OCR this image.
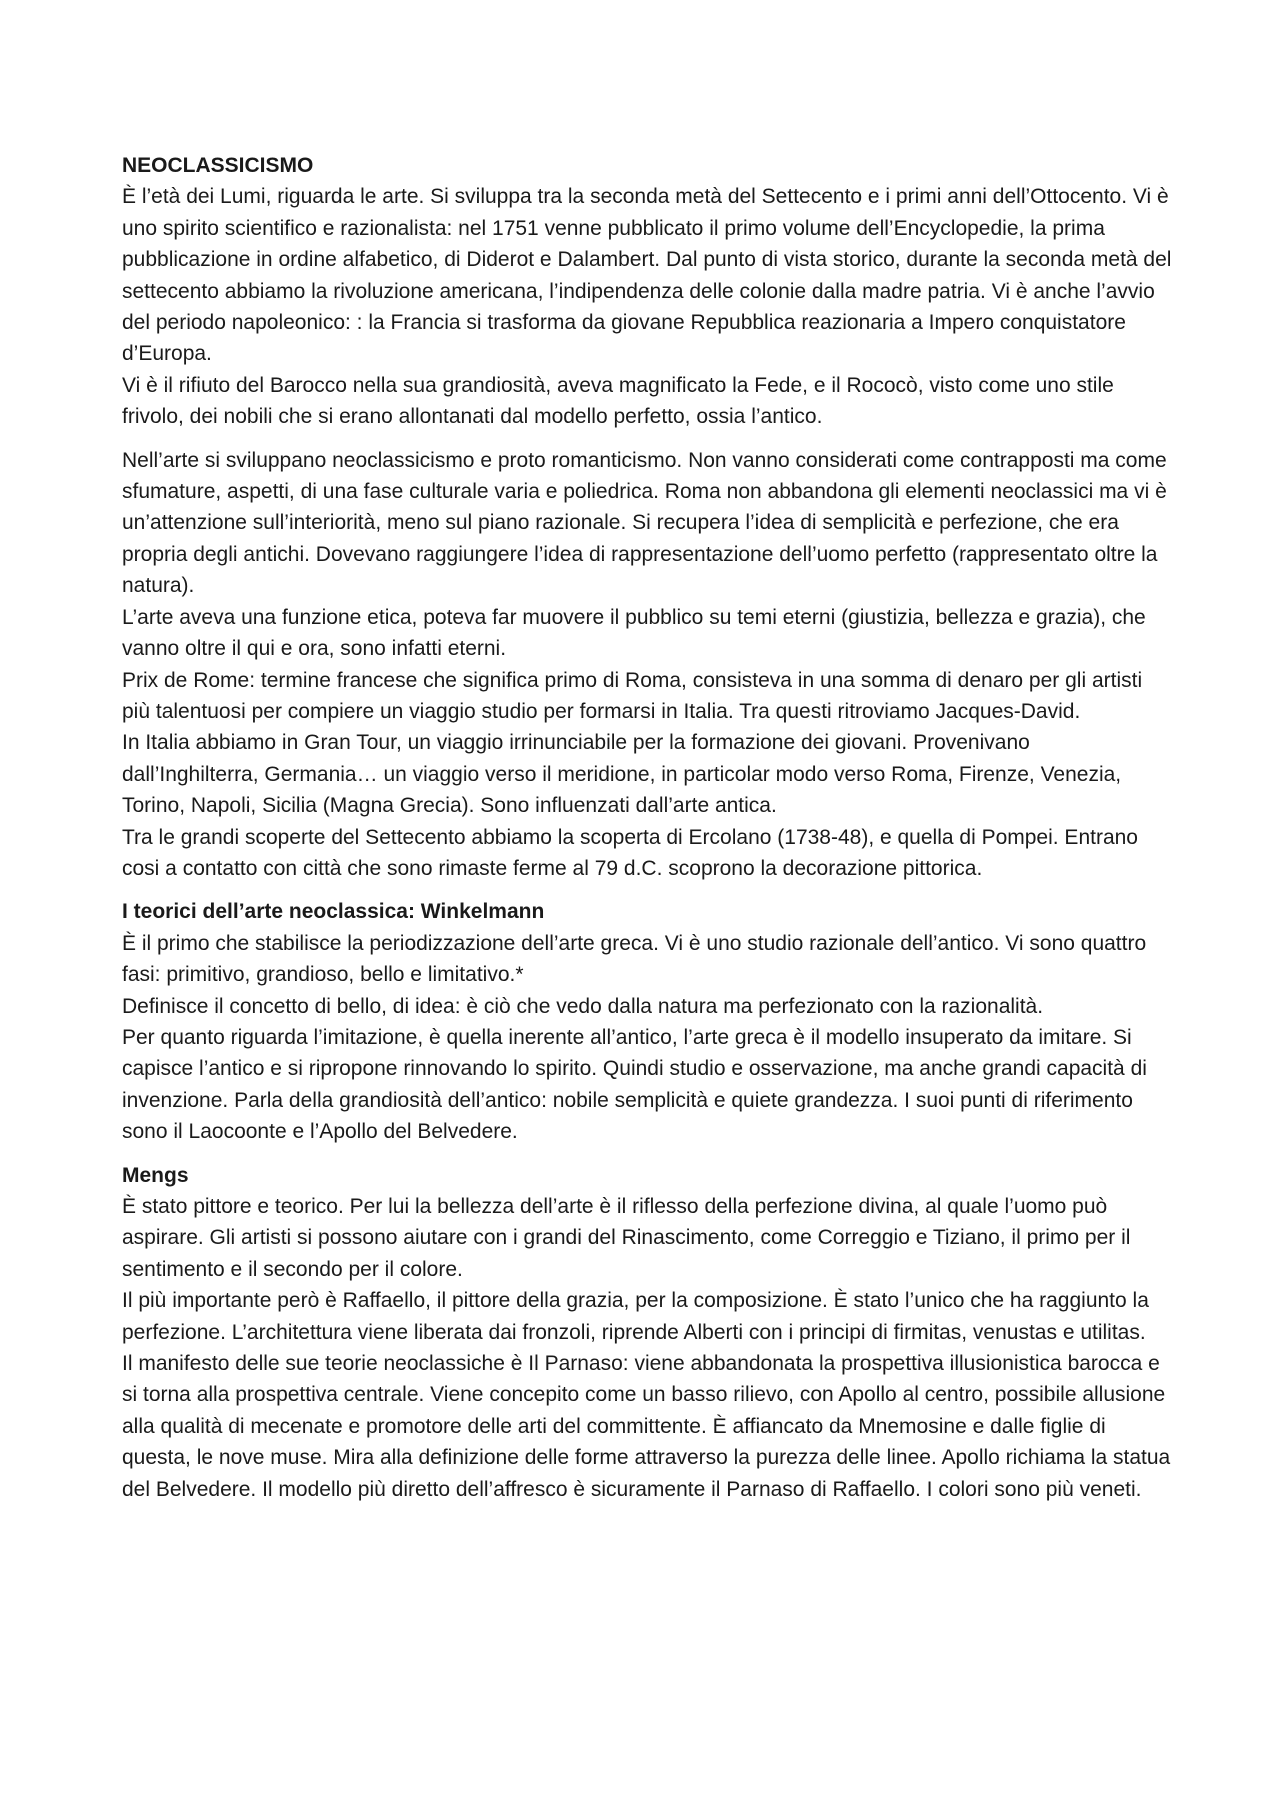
NEOCLASSICISMO

È l’età dei Lumi, riguarda le arte. Si sviluppa tra la seconda metà del Settecento e i primi anni dell’Ottocento. Vi è uno spirito scientifico e razionalista: nel 1751 venne pubblicato il primo volume dell’Encyclopedie, la prima pubblicazione in ordine alfabetico, di Diderot e Dalambert. Dal punto di vista storico, durante la seconda metà del settecento abbiamo la rivoluzione americana, l’indipendenza delle colonie dalla madre patria. Vi è anche l’avvio del periodo napoleonico: : la Francia si trasforma da giovane Repubblica reazionaria a Impero conquistatore d’Europa.

Vi è il rifiuto del Barocco nella sua grandiosità, aveva magnificato la Fede, e il Rococò, visto come uno stile frivolo, dei nobili che si erano allontanati dal modello perfetto, ossia l’antico.

Nell’arte si sviluppano neoclassicismo e proto romanticismo. Non vanno considerati come contrapposti ma come sfumature, aspetti, di una fase culturale varia e poliedrica. Roma non abbandona gli elementi neoclassici ma vi è un’attenzione sull’interiorità, meno sul piano razionale. Si recupera l’idea di semplicità e perfezione, che era propria degli antichi. Dovevano raggiungere l’idea di rappresentazione dell’uomo perfetto (rappresentato oltre la natura).

L’arte aveva una funzione etica, poteva far muovere il pubblico su temi eterni (giustizia, bellezza e grazia), che vanno oltre il qui e ora, sono infatti eterni.

Prix de Rome: termine francese che significa primo di Roma, consisteva in una somma di denaro per gli artisti più talentuosi per compiere un viaggio studio per formarsi in Italia. Tra questi ritroviamo Jacques-David.

In Italia abbiamo in Gran Tour, un viaggio irrinunciabile per la formazione dei giovani. Provenivano dall’Inghilterra, Germania… un viaggio verso il meridione, in particolar modo verso Roma, Firenze, Venezia, Torino, Napoli, Sicilia (Magna Grecia). Sono influenzati dall’arte antica.

Tra le grandi scoperte del Settecento abbiamo la scoperta di Ercolano (1738-48), e quella di Pompei. Entrano cosi a contatto con città che sono rimaste ferme al 79 d.C. scoprono la decorazione pittorica.

I teorici dell’arte neoclassica: Winkelmann

È il primo che stabilisce la periodizzazione dell’arte greca. Vi è uno studio razionale dell’antico. Vi sono quattro fasi: primitivo, grandioso, bello e limitativo.*

Definisce il concetto di bello, di idea: è ciò che vedo dalla natura ma perfezionato con la razionalità.

Per quanto riguarda l’imitazione, è quella inerente all’antico, l’arte greca è il modello insuperato da imitare. Si capisce l’antico e si ripropone rinnovando lo spirito. Quindi studio e osservazione, ma anche grandi capacità di invenzione. Parla della grandiosità dell’antico: nobile semplicità e quiete grandezza. I suoi punti di riferimento sono il Laocoonte e l’Apollo del Belvedere.

Mengs

È stato pittore e teorico. Per lui la bellezza dell’arte è il riflesso della perfezione divina, al quale l’uomo può aspirare. Gli artisti si possono aiutare con i grandi del Rinascimento, come Correggio e Tiziano, il primo per il sentimento e il secondo per il colore.

Il più importante però è Raffaello, il pittore della grazia, per la composizione. È stato l’unico che ha raggiunto la perfezione. L’architettura viene liberata dai fronzoli, riprende Alberti con i principi di firmitas, venustas e utilitas.

Il manifesto delle sue teorie neoclassiche è Il Parnaso: viene abbandonata la prospettiva illusionistica barocca e si torna alla prospettiva centrale. Viene concepito come un basso rilievo, con Apollo al centro, possibile allusione alla qualità di mecenate e promotore delle arti del committente. È affiancato da Mnemosine e dalle figlie di questa, le nove muse. Mira alla definizione delle forme attraverso la purezza delle linee. Apollo richiama la statua del Belvedere. Il modello più diretto dell’affresco è sicuramente il Parnaso di Raffaello. I colori sono più veneti.
